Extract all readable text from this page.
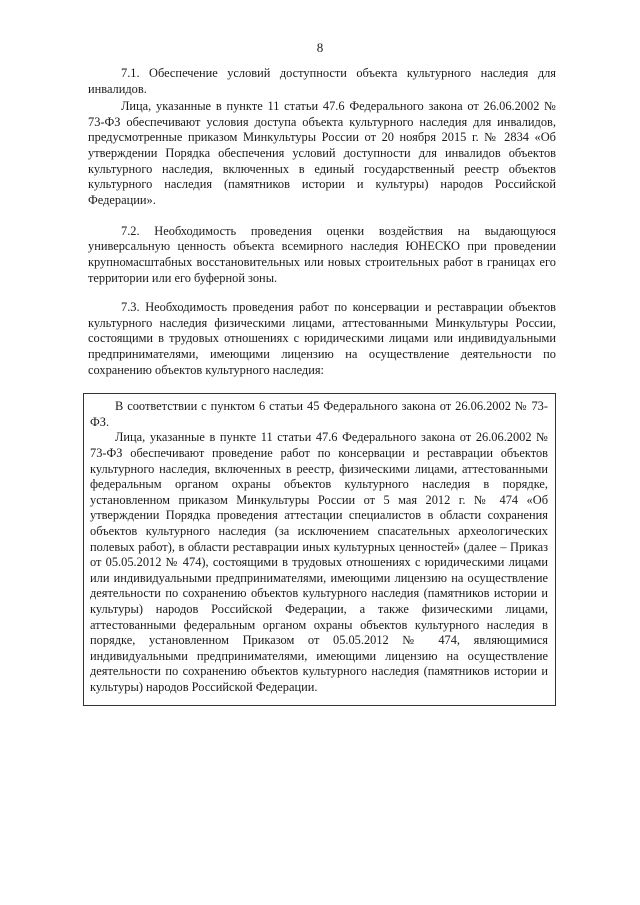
8

7.1. Обеспечение условий доступности объекта культурного наследия для инвалидов.

Лица, указанные в пункте 11 статьи 47.6 Федерального закона от 26.06.2002 № 73-ФЗ обеспечивают условия доступа объекта культурного наследия для инвалидов, предусмотренные приказом Минкультуры России от 20 ноября 2015 г. № 2834 «Об утверждении Порядка обеспечения условий доступности для инвалидов объектов культурного наследия, включенных в единый государственный реестр объектов культурного наследия (памятников истории и культуры) народов Российской Федерации».

7.2. Необходимость проведения оценки воздействия на выдающуюся универсальную ценность объекта всемирного наследия ЮНЕСКО при проведении крупномасштабных восстановительных или новых строительных работ в границах его территории или его буферной зоны.

7.3. Необходимость проведения работ по консервации и реставрации объектов культурного наследия физическими лицами, аттестованными Минкультуры России, состоящими в трудовых отношениях с юридическими лицами или индивидуальными предпринимателями, имеющими лицензию на осуществление деятельности по сохранению объектов культурного наследия:

В соответствии с пунктом 6 статьи 45 Федерального закона от 26.06.2002 № 73-ФЗ.

Лица, указанные в пункте 11 статьи 47.6 Федерального закона от 26.06.2002 № 73-ФЗ обеспечивают проведение работ по консервации и реставрации объектов культурного наследия, включенных в реестр, физическими лицами, аттестованными федеральным органом охраны объектов культурного наследия в порядке, установленном приказом Минкультуры России от 5 мая 2012 г. № 474 «Об утверждении Порядка проведения аттестации специалистов в области сохранения объектов культурного наследия (за исключением спасательных археологических полевых работ), в области реставрации иных культурных ценностей» (далее – Приказ от 05.05.2012 № 474), состоящими в трудовых отношениях с юридическими лицами или индивидуальными предпринимателями, имеющими лицензию на осуществление деятельности по сохранению объектов культурного наследия (памятников истории и культуры) народов Российской Федерации, а также физическими лицами, аттестованными федеральным органом охраны объектов культурного наследия в порядке, установленном Приказом от 05.05.2012 № 474, являющимися индивидуальными предпринимателями, имеющими лицензию на осуществление деятельности по сохранению объектов культурного наследия (памятников истории и культуры) народов Российской Федерации.
